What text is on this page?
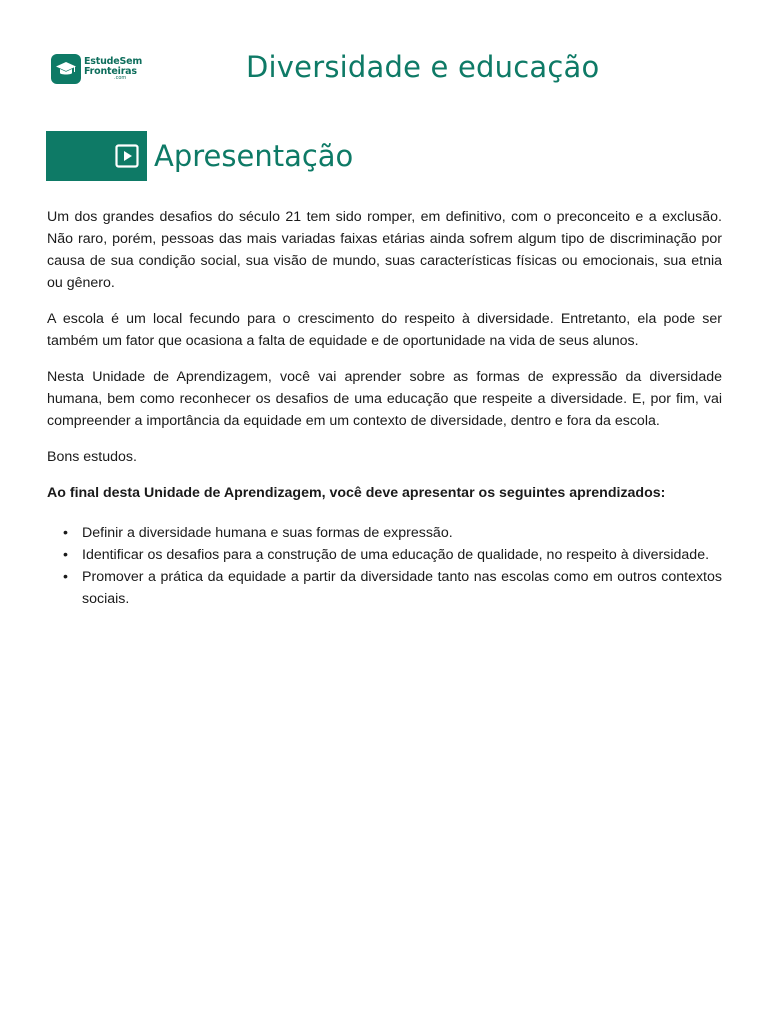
EstudeSem
Fronteiras
.com	Diversidade e educação
Apresentação

Um dos grandes desafios do século 21 tem sido romper, em definitivo, com o preconceito e a exclusão. Não raro, porém, pessoas das mais variadas faixas etárias ainda sofrem algum tipo de discriminação por causa de sua condição social, sua visão de mundo, suas características físicas ou emocionais, sua etnia ou gênero.

A escola é um local fecundo para o crescimento do respeito à diversidade. Entretanto, ela pode ser também um fator que ocasiona a falta de equidade e de oportunidade na vida de seus alunos.

Nesta Unidade de Aprendizagem, você vai aprender sobre as formas de expressão da diversidade humana, bem como reconhecer os desafios de uma educação que respeite a diversidade. E, por fim, vai compreender a importância da equidade em um contexto de diversidade, dentro e fora da escola.

Bons estudos.

Ao final desta Unidade de Aprendizagem, você deve apresentar os seguintes aprendizados:

• Definir a diversidade humana e suas formas de expressão.
• Identificar os desafios para a construção de uma educação de qualidade, no respeito à diversidade.
• Promover a prática da equidade a partir da diversidade tanto nas escolas como em outros contextos sociais.
